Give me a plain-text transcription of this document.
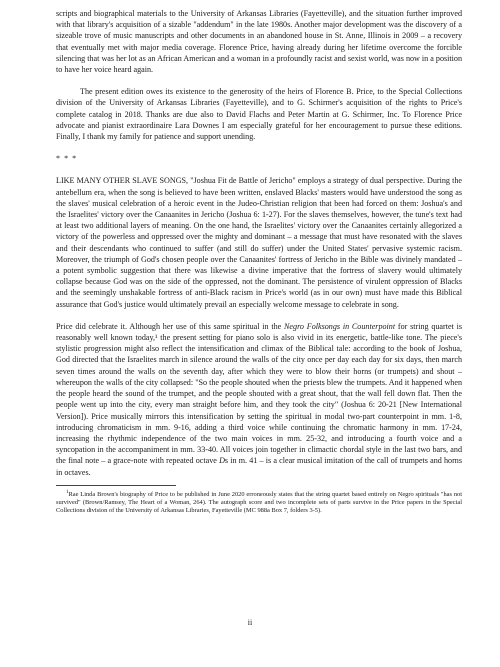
scripts and biographical materials to the University of Arkansas Libraries (Fayetteville), and the situation further improved with that library's acquisition of a sizable "addendum" in the late 1980s. Another major development was the discovery of a sizeable trove of music manuscripts and other documents in an abandoned house in St. Anne, Illinois in 2009 – a recovery that eventually met with major media coverage. Florence Price, having already during her lifetime overcome the forcible silencing that was her lot as an African American and a woman in a profoundly racist and sexist world, was now in a position to have her voice heard again.

The present edition owes its existence to the generosity of the heirs of Florence B. Price, to the Special Collections division of the University of Arkansas Libraries (Fayetteville), and to G. Schirmer's acquisition of the rights to Price's complete catalog in 2018. Thanks are due also to David Flachs and Peter Martin at G. Schirmer, Inc. To Florence Price advocate and pianist extraordinaire Lara Downes I am especially grateful for her encouragement to pursue these editions. Finally, I thank my family for patience and support unending.

* * *

LIKE MANY OTHER SLAVE SONGS, "Joshua Fit de Battle of Jericho" employs a strategy of dual perspective. During the antebellum era, when the song is believed to have been written, enslaved Blacks' masters would have understood the song as the slaves' musical celebration of a heroic event in the Judeo-Christian religion that been had forced on them: Joshua's and the Israelites' victory over the Canaanites in Jericho (Joshua 6: 1-27). For the slaves themselves, however, the tune's text had at least two additional layers of meaning. On the one hand, the Israelites' victory over the Canaanites certainly allegorized a victory of the powerless and oppressed over the mighty and dominant – a message that must have resonated with the slaves and their descendants who continued to suffer (and still do suffer) under the United States' pervasive systemic racism. Moreover, the triumph of God's chosen people over the Canaanites' fortress of Jericho in the Bible was divinely mandated – a potent symbolic suggestion that there was likewise a divine imperative that the fortress of slavery would ultimately collapse because God was on the side of the oppressed, not the dominant. The persistence of virulent oppression of Blacks and the seemingly unshakable fortress of anti-Black racism in Price's world (as in our own) must have made this Biblical assurance that God's justice would ultimately prevail an especially welcome message to celebrate in song.

Price did celebrate it. Although her use of this same spiritual in the Negro Folksongs in Counterpoint for string quartet is reasonably well known today,¹ the present setting for piano solo is also vivid in its energetic, battle-like tone. The piece's stylistic progression might also reflect the intensification and climax of the Biblical tale: according to the book of Joshua, God directed that the Israelites march in silence around the walls of the city once per day each day for six days, then march seven times around the walls on the seventh day, after which they were to blow their horns (or trumpets) and shout – whereupon the walls of the city collapsed: "So the people shouted when the priests blew the trumpets. And it happened when the people heard the sound of the trumpet, and the people shouted with a great shout, that the wall fell down flat. Then the people went up into the city, every man straight before him, and they took the city" (Joshua 6: 20-21 [New International Version]). Price musically mirrors this intensification by setting the spiritual in modal two-part counterpoint in mm. 1-8, introducing chromaticism in mm. 9-16, adding a third voice while continuing the chromatic harmony in mm. 17-24, increasing the rhythmic independence of the two main voices in mm. 25-32, and introducing a fourth voice and a syncopation in the accompaniment in mm. 33-40. All voices join together in climactic chordal style in the last two bars, and the final note – a grace-note with repeated octave Ds in m. 41 – is a clear musical imitation of the call of trumpets and horns in octaves.

$^1$Rae Linda Brown's biography of Price to be published in June 2020 erroneously states that the string quartet based entirely on Negro spirituals "has not survived" (Brown/Ramsey, The Heart of a Woman, 264). The autograph score and two incomplete sets of parts survive in the Price papers in the Special Collections division of the University of Arkansas Libraries, Fayetteville (MC 988a Box 7, folders 3-5).

ii
